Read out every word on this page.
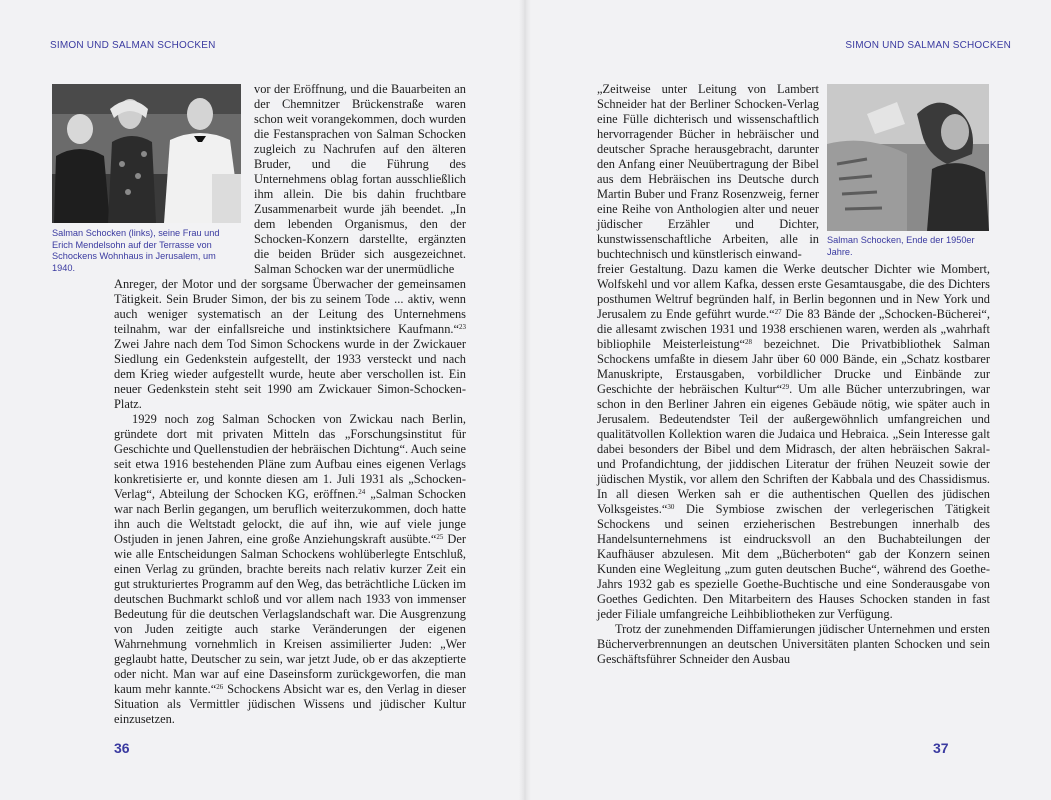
SIMON UND SALMAN SCHOCKEN
Salman Schocken (links), seine Frau und Erich Mendelsohn auf der Terrasse von Schockens Wohnhaus in Jerusalem, um 1940.

vor der Eröffnung, und die Bauarbeiten an der Chemnitzer Brückenstraße waren schon weit vorangekommen, doch wurden die Festansprachen von Salman Schocken zugleich zu Nachrufen auf den älteren Bruder, und die Führung des Unternehmens oblag fortan ausschließlich ihm allein. Die bis dahin fruchtbare Zusammenarbeit wurde jäh beendet. „In dem lebenden Organismus, den der Schocken-Konzern darstellte, ergänzten die beiden Brüder sich ausgezeichnet. Salman Schocken war der unermüdliche

Anreger, der Motor und der sorgsame Überwacher der gemeinsamen Tätigkeit. Sein Bruder Simon, der bis zu seinem Tode ... aktiv, wenn auch weniger systematisch an der Leitung des Unternehmens teilnahm, war der einfallsreiche und instinktsichere Kaufmann.“$^{23}$ Zwei Jahre nach dem Tod Simon Schockens wurde in der Zwickauer Siedlung ein Gedenkstein aufgestellt, der 1933 versteckt und nach dem Krieg wieder aufgestellt wurde, heute aber verschollen ist. Ein neuer Gedenkstein steht seit 1990 am Zwickauer Simon-Schocken-Platz.

1929 noch zog Salman Schocken von Zwickau nach Berlin, gründete dort mit privaten Mitteln das „Forschungsinstitut für Geschichte und Quellenstudien der hebräischen Dichtung“. Auch seine seit etwa 1916 bestehenden Pläne zum Aufbau eines eigenen Verlags konkretisierte er, und konnte diesen am 1. Juli 1931 als „Schocken-Verlag“, Abteilung der Schocken KG, eröffnen.$^{24}$ „Salman Schocken war nach Berlin gegangen, um beruflich weiterzukommen, doch hatte ihn auch die Weltstadt gelockt, die auf ihn, wie auf viele junge Ostjuden in jenen Jahren, eine große Anziehungskraft ausübte.“$^{25}$ Der wie alle Entscheidungen Salman Schockens wohlüberlegte Entschluß, einen Verlag zu gründen, brachte bereits nach relativ kurzer Zeit ein gut strukturiertes Programm auf den Weg, das beträchtliche Lücken im deutschen Buchmarkt schloß und vor allem nach 1933 von immenser Bedeutung für die deutschen Verlagslandschaft war. Die Ausgrenzung von Juden zeitigte auch starke Veränderungen der eigenen Wahrnehmung vornehmlich in Kreisen assimilierter Juden: „Wer geglaubt hatte, Deutscher zu sein, war jetzt Jude, ob er das akzeptierte oder nicht. Man war auf eine Daseinsform zurückgeworfen, die man kaum mehr kannte.“$^{26}$ Schockens Absicht war es, den Verlag in dieser Situation als Vermittler jüdischen Wissens und jüdischer Kultur einzusetzen.

36
SIMON UND SALMAN SCHOCKEN

„Zeitweise unter Leitung von Lambert Schneider hat der Berliner Schocken-Verlag eine Fülle dichterisch und wissenschaftlich hervorragender Bücher in hebräischer und deutscher Sprache herausgebracht, darunter den Anfang einer Neuübertragung der Bibel aus dem Hebräischen ins Deutsche durch Martin Buber und Franz Rosenzweig, ferner eine Reihe von Anthologien alter und neuer jüdischer Erzähler und Dichter, kunstwissenschaftliche Arbeiten, alle in buchtechnisch und künstlerisch einwand-

Salman Schocken, Ende der 1950er Jahre.

freier Gestaltung. Dazu kamen die Werke deutscher Dichter wie Mombert, Wolfskehl und vor allem Kafka, dessen erste Gesamtausgabe, die des Dichters posthumen Weltruf begründen half, in Berlin begonnen und in New York und Jerusalem zu Ende geführt wurde.“$^{27}$ Die 83 Bände der „Schocken-Bücherei“, die allesamt zwischen 1931 und 1938 erschienen waren, werden als „wahrhaft bibliophile Meisterleistung“$^{28}$ bezeichnet. Die Privatbibliothek Salman Schockens umfaßte in diesem Jahr über 60 000 Bände, ein „Schatz kostbarer Manuskripte, Erstausgaben, vorbildlicher Drucke und Einbände zur Geschichte der hebräischen Kultur“$^{29}$. Um alle Bücher unterzubringen, war schon in den Berliner Jahren ein eigenes Gebäude nötig, wie später auch in Jerusalem. Bedeutendster Teil der außergewöhnlich umfangreichen und qualitätvollen Kollektion waren die Judaica und Hebraica. „Sein Interesse galt dabei besonders der Bibel und dem Midrasch, der alten hebräischen Sakral- und Profandichtung, der jiddischen Literatur der frühen Neuzeit sowie der jüdischen Mystik, vor allem den Schriften der Kabbala und des Chassidismus. In all diesen Werken sah er die authentischen Quellen des jüdischen Volksgeistes.“$^{30}$ Die Symbiose zwischen der verlegerischen Tätigkeit Schockens und seinen erzieherischen Bestrebungen innerhalb des Handelsunternehmens ist eindrucksvoll an den Buchabteilungen der Kaufhäuser abzulesen. Mit dem „Bücherboten“ gab der Konzern seinen Kunden eine Wegleitung „zum guten deutschen Buche“, während des Goethe-Jahrs 1932 gab es spezielle Goethe-Buchtische und eine Sonderausgabe von Goethes Gedichten. Den Mitarbeitern des Hauses Schocken standen in fast jeder Filiale umfangreiche Leihbibliotheken zur Verfügung.

Trotz der zunehmenden Diffamierungen jüdischer Unternehmen und ersten Bücherverbrennungen an deutschen Universitäten planten Schocken und sein Geschäftsführer Schneider den Ausbau

37
